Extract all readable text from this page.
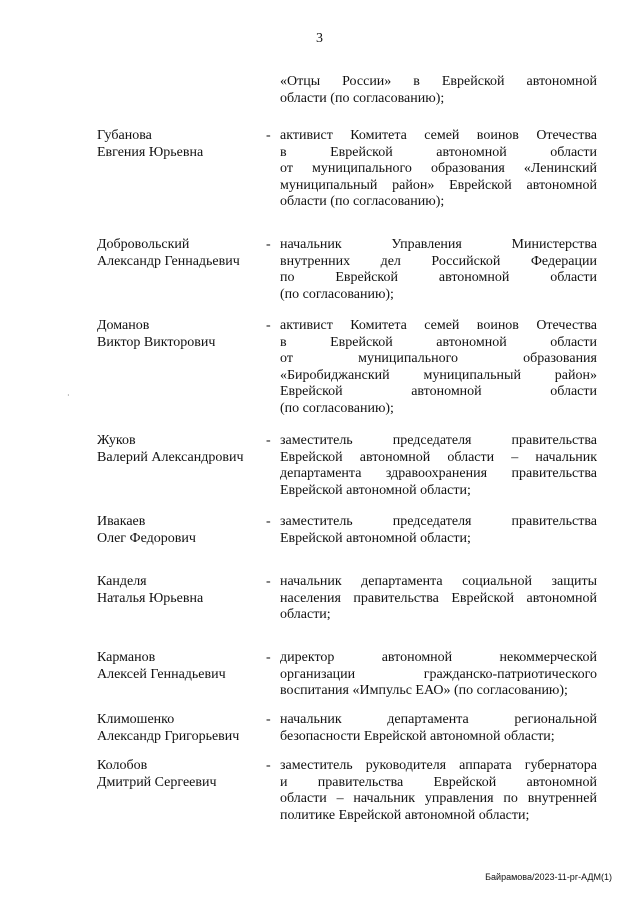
3
«Отцы России» в Еврейской автономной
области (по согласованию);
Губанова
Евгения Юрьевна
- активист Комитета семей воинов Отечества
в Еврейской автономной области
от муниципального образования «Ленинский
муниципальный район» Еврейской автономной
области (по согласованию);
Добровольский
Александр Геннадьевич
- начальник Управления Министерства
внутренних дел Российской Федерации
по Еврейской автономной области
(по согласованию);
Доманов
Виктор Викторович
- активист Комитета семей воинов Отечества
в Еврейской автономной области
от муниципального образования
«Биробиджанский муниципальный район»
Еврейской автономной области
(по согласованию);
Жуков
Валерий Александрович
- заместитель председателя правительства
Еврейской автономной области – начальник
департамента здравоохранения правительства
Еврейской автономной области;
Ивакаев
Олег Федорович
- заместитель председателя правительства
Еврейской автономной области;
Канделя
Наталья Юрьевна
- начальник департамента социальной защиты
населения правительства Еврейской автономной
области;
Карманов
Алексей Геннадьевич
- директор автономной некоммерческой
организации гражданско-патриотического
воспитания «Импульс ЕАО» (по согласованию);
Климошенко
Александр Григорьевич
- начальник департамента региональной
безопасности Еврейской автономной области;
Колобов
Дмитрий Сергеевич
- заместитель руководителя аппарата губернатора
и правительства Еврейской автономной
области – начальник управления по внутренней
политике Еврейской автономной области;
·
Байрамова/2023-11-рг-АДМ(1)
